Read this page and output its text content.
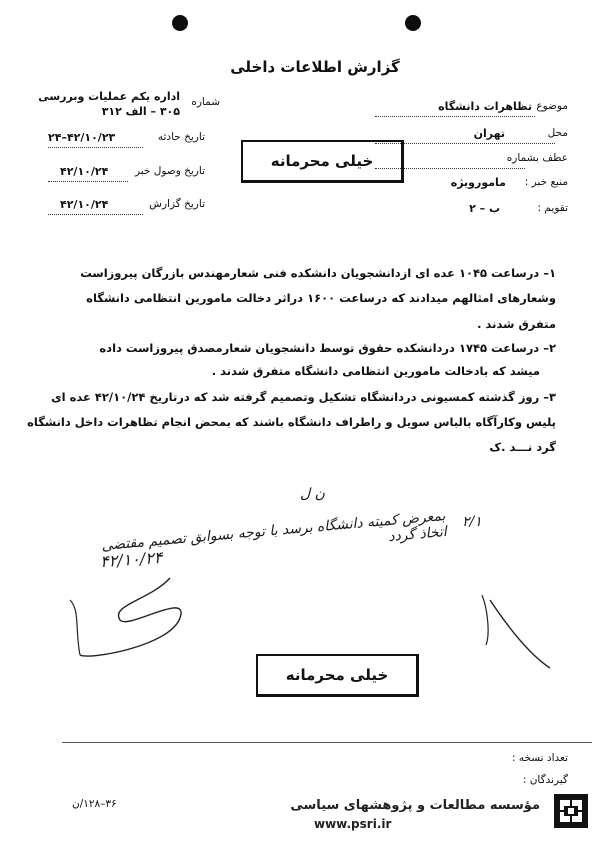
گزارش اطلاعات داخلی
شماره
اداره یکم عملیات وبررسی
۳۰۵ – الف ۳۱۲
تاریخ حادثه
۴۲/۱۰/۲۳–۲۴
تاریخ وصول خبر
۴۲/۱۰/۲۴
تاریخ گزارش
۴۲/۱۰/۲۴
موضوع
تظاهرات دانشگاه
محل
تهران
عطف بشماره
منبع خبر :
مامورویژه
تقویم :
ب – ۲
خیلی محرمانه
۱– درساعت ۱۰۴۵ عده ای ازدانشجویان دانشکده فنی شعارمهندس بازرگان پیروزاست
وشعارهای امثالهم میدادند که درساعت ۱۶۰۰ دراثر دخالت مامورین انتظامی دانشگاه
متفرق شدند .
۲– درساعت ۱۷۴۵ دردانشکده حقوق توسط دانشجویان شعارمصدق پیروزاست داده
میشد که بادخالت مامورین انتظامی دانشگاه متفرق شدند .
۳– روز گذشته کمسیونی دردانشگاه تشکیل وتصمیم گرفته شد که درتاریخ ۴۲/۱۰/۲۴ عده ای
پلیس وکارآگاه بالباس سویل و راطراف دانشگاه باشند که بمحض انجام تظاهرات داخل دانشگاه
گرد نـــد .ک
ن ل
بمعرض کمیته دانشگاه برسد با توجه بسوابق تصمیم مقتضی اتخاذ گردد
۴۲/۱۰/۲۴
۲/۱
خیلی محرمانه
تعداد نسخه :
گیرندگان :
۳۶–۱۲۸/ن	مؤسسه مطالعات و پژوهشهای سیاسی
www.psri.ir
